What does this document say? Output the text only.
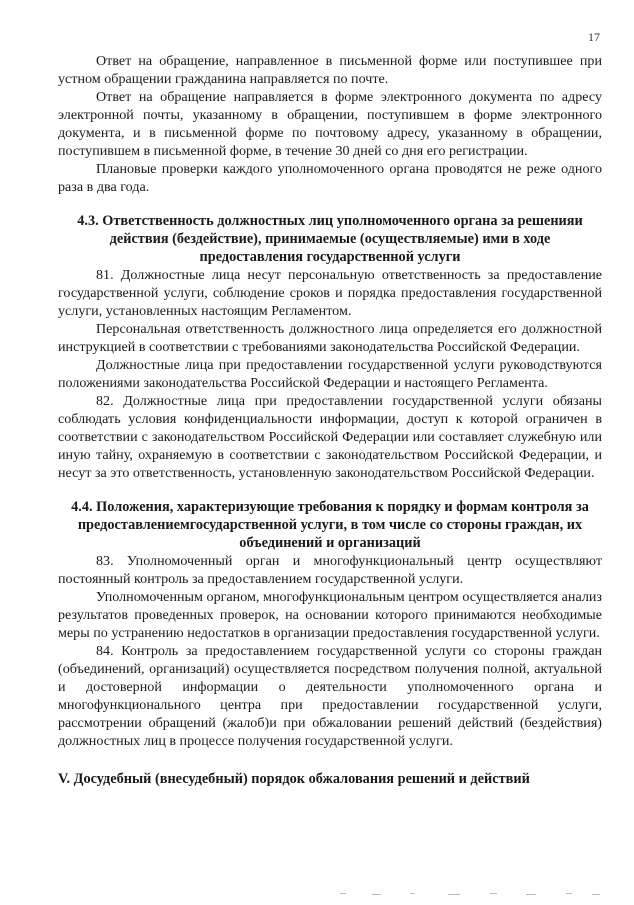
17

Ответ на обращение, направленное в письменной форме или поступившее при устном обращении гражданина направляется по почте.

Ответ на обращение направляется в форме электронного документа по адресу электронной почты, указанному в обращении, поступившем в форме электронного документа, и в письменной форме по почтовому адресу, указанному в обращении, поступившем в письменной форме, в течение 30 дней со дня его регистрации.

Плановые проверки каждого уполномоченного органа проводятся не реже одного раза в два года.

4.3. Ответственность должностных лиц уполномоченного органа за решенияи действия (бездействие), принимаемые (осуществляемые) ими в ходе предоставления государственной услуги

81. Должностные лица несут персональную ответственность за предоставление государственной услуги, соблюдение сроков и порядка предоставления государственной услуги, установленных настоящим Регламентом.

Персональная ответственность должностного лица определяется его должностной инструкцией в соответствии с требованиями законодательства Российской Федерации.

Должностные лица при предоставлении государственной услуги руководствуются положениями законодательства Российской Федерации и настоящего Регламента.

82. Должностные лица при предоставлении государственной услуги обязаны соблюдать условия конфиденциальности информации, доступ к которой ограничен в соответствии с законодательством Российской Федерации или составляет служебную или иную тайну, охраняемую в соответствии с законодательством Российской Федерации, и несут за это ответственность, установленную законодательством Российской Федерации.

4.4. Положения, характеризующие требования к порядку и формам контроля за предоставлениемгосударственной услуги, в том числе со стороны граждан, их объединений и организаций

83. Уполномоченный орган и многофункциональный центр осуществляют постоянный контроль за предоставлением государственной услуги.

Уполномоченным органом, многофункциональным центром осуществляется анализ результатов проведенных проверок, на основании которого принимаются необходимые меры по устранению недостатков в организации предоставления государственной услуги.

84. Контроль за предоставлением государственной услуги со стороны граждан (объединений, организаций) осуществляется посредством получения полной, актуальной и достоверной информации о деятельности уполномоченного органа и многофункционального центра при предоставлении государственной услуги, рассмотрении обращений (жалоб)и при обжаловании решений действий (бездействия) должностных лиц в процессе получения государственной услуги.

V. Досудебный (внесудебный) порядок обжалования решений и действий
